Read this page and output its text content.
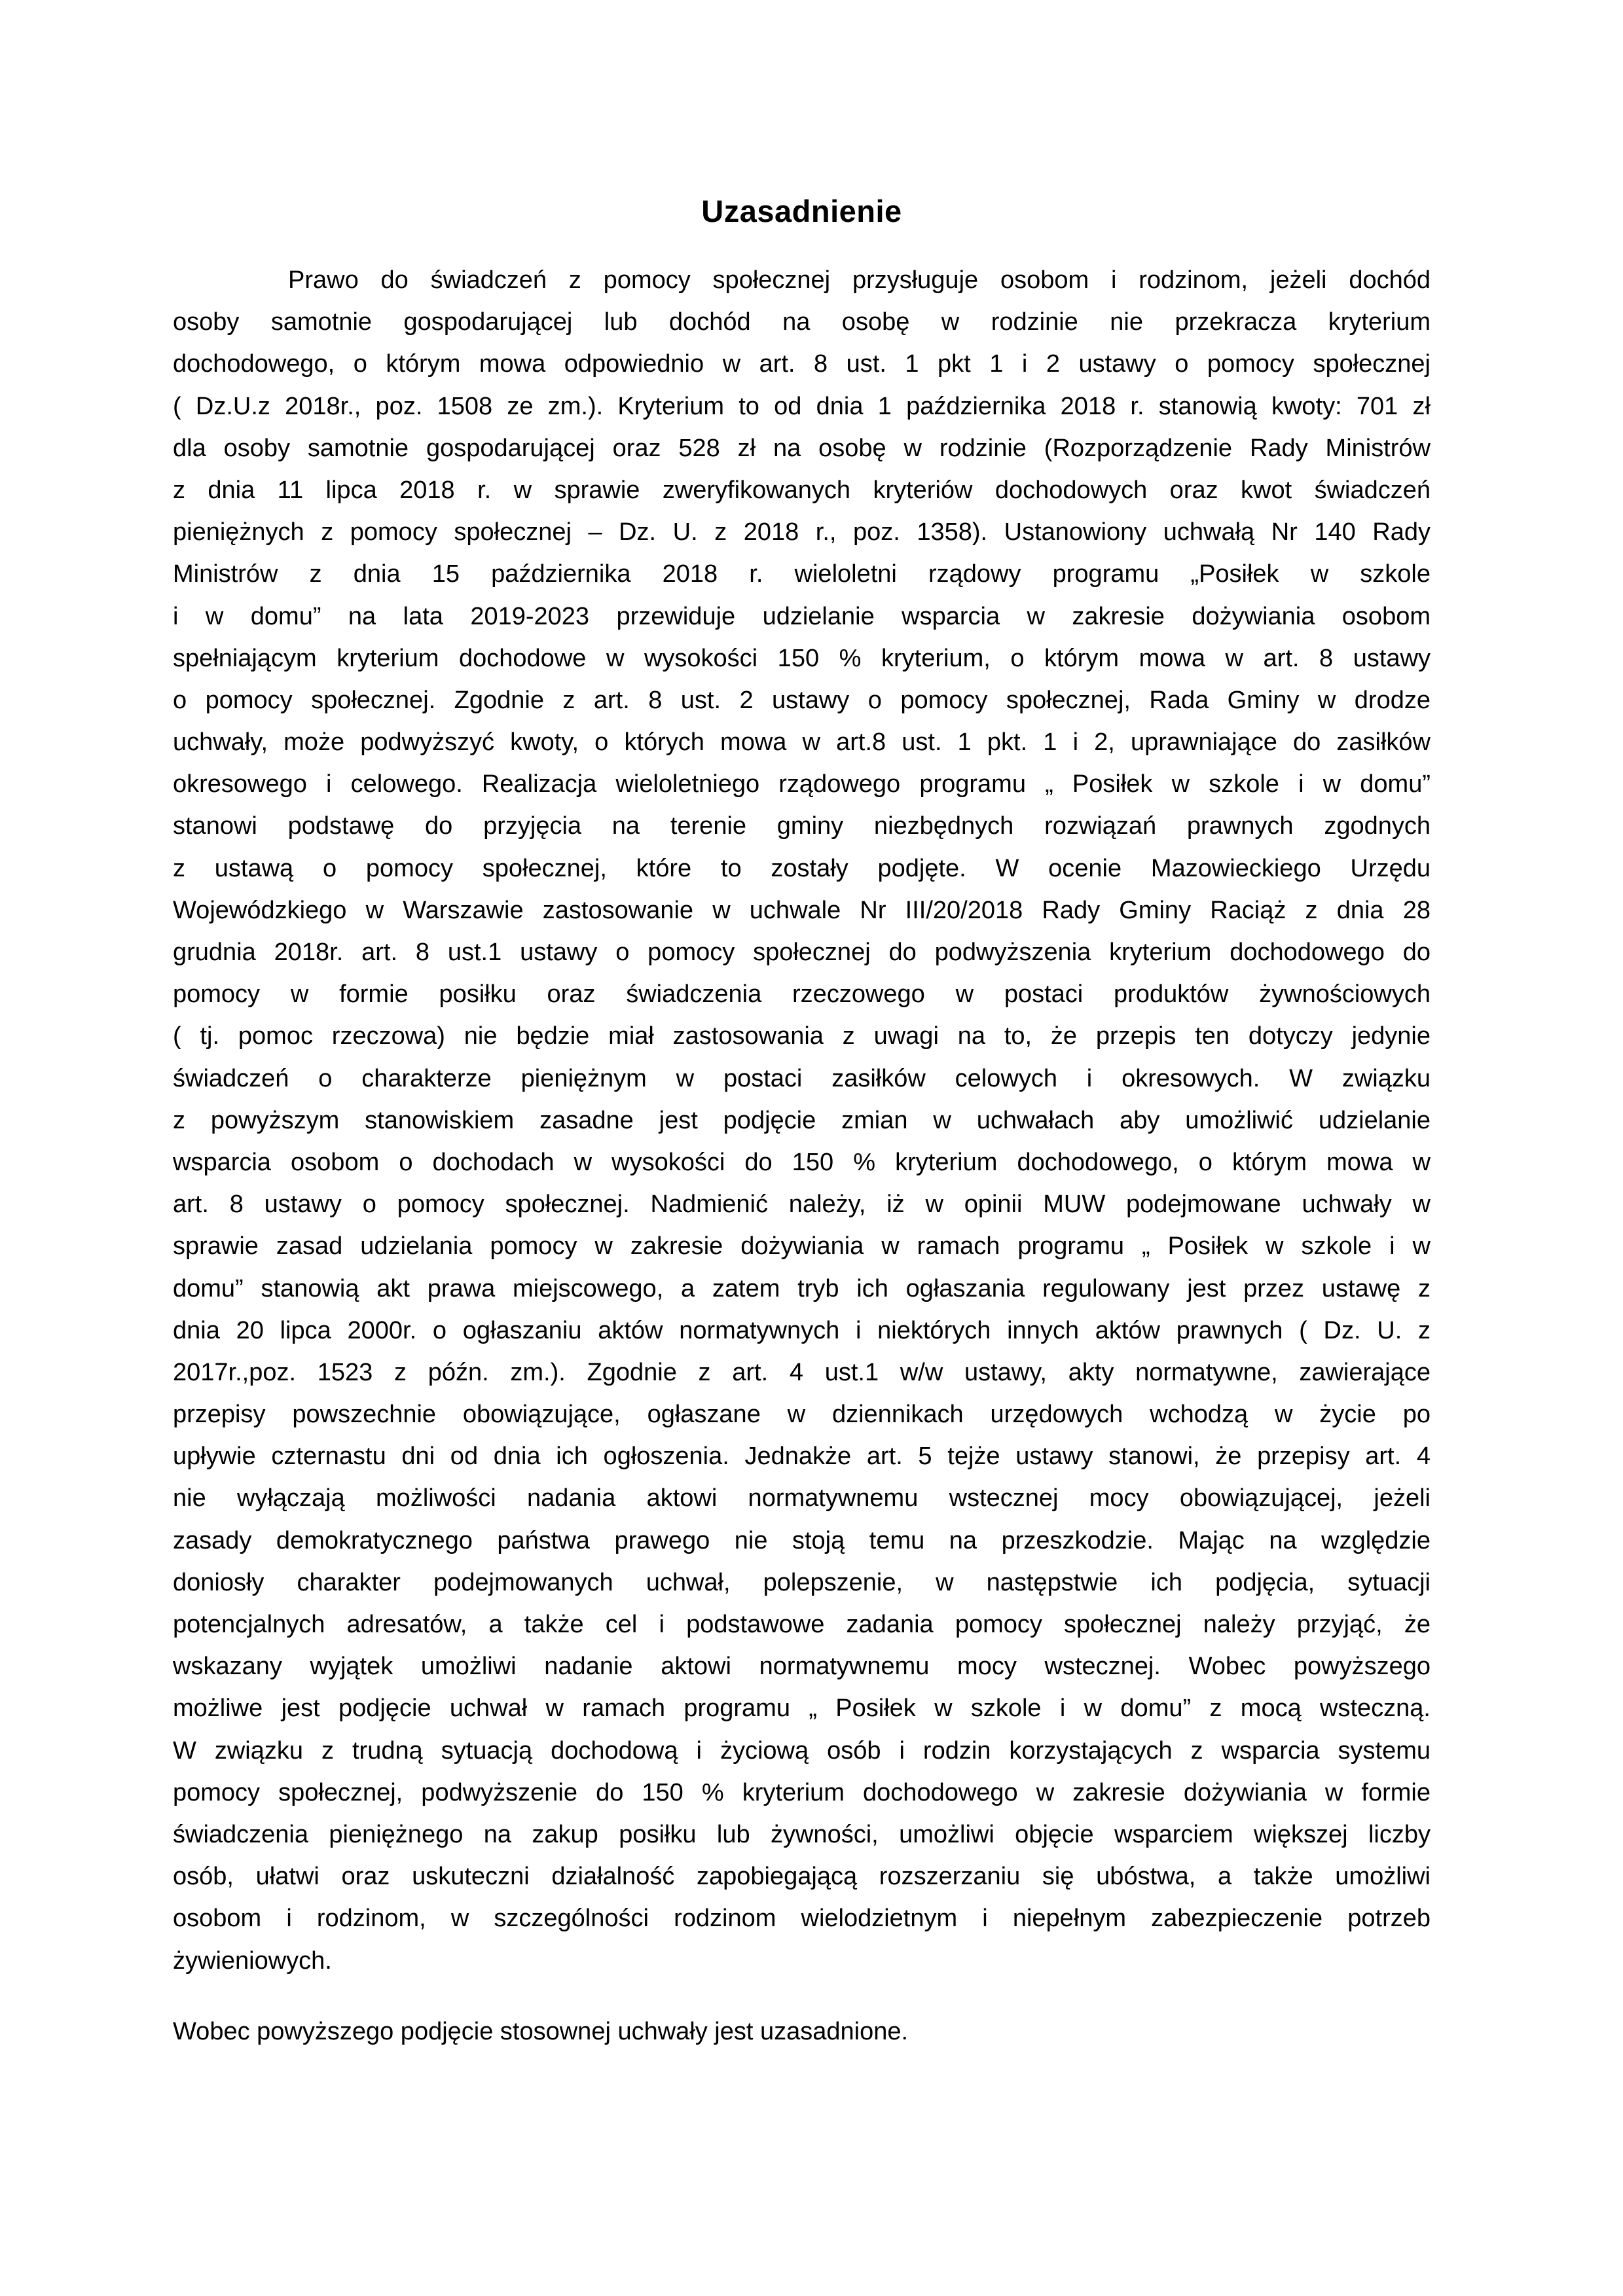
Uzasadnienie
Prawo do świadczeń z pomocy społecznej przysługuje osobom i rodzinom, jeżeli dochód
osoby samotnie gospodarującej lub dochód na osobę w rodzinie nie przekracza kryterium
dochodowego, o którym mowa odpowiednio w art. 8 ust. 1 pkt 1 i 2 ustawy o pomocy społecznej
( Dz.U.z 2018r., poz. 1508 ze zm.). Kryterium to od dnia 1 października 2018 r. stanowią kwoty: 701 zł
dla osoby samotnie gospodarującej oraz 528 zł na osobę w rodzinie (Rozporządzenie Rady Ministrów
z dnia 11 lipca 2018 r. w sprawie zweryfikowanych kryteriów dochodowych oraz kwot świadczeń
pieniężnych z pomocy społecznej – Dz. U. z 2018 r., poz. 1358). Ustanowiony uchwałą Nr 140 Rady
Ministrów z dnia 15 października 2018 r. wieloletni rządowy programu „Posiłek w szkole
i w domu” na lata 2019-2023 przewiduje udzielanie wsparcia w zakresie dożywiania osobom
spełniającym kryterium dochodowe w wysokości 150 % kryterium, o którym mowa w art. 8 ustawy
o pomocy społecznej. Zgodnie z art. 8 ust. 2 ustawy o pomocy społecznej, Rada Gminy w drodze
uchwały, może podwyższyć kwoty, o których mowa w art.8 ust. 1 pkt. 1 i 2, uprawniające do zasiłków
okresowego i celowego. Realizacja wieloletniego rządowego programu „ Posiłek w szkole i w domu”
stanowi podstawę do przyjęcia na terenie gminy niezbędnych rozwiązań prawnych zgodnych
z ustawą o pomocy społecznej, które to zostały podjęte. W ocenie Mazowieckiego Urzędu
Wojewódzkiego w Warszawie zastosowanie w uchwale Nr III/20/2018 Rady Gminy Raciąż z dnia 28
grudnia 2018r. art. 8 ust.1 ustawy o pomocy społecznej do podwyższenia kryterium dochodowego do
pomocy w formie posiłku oraz świadczenia rzeczowego w postaci produktów żywnościowych
( tj. pomoc rzeczowa) nie będzie miał zastosowania z uwagi na to, że przepis ten dotyczy jedynie
świadczeń o charakterze pieniężnym w postaci zasiłków celowych i okresowych. W związku
z powyższym stanowiskiem zasadne jest podjęcie zmian w uchwałach aby umożliwić udzielanie
wsparcia osobom o dochodach w wysokości do 150 % kryterium dochodowego, o którym mowa w
art. 8 ustawy o pomocy społecznej. Nadmienić należy, iż w opinii MUW podejmowane uchwały w
sprawie zasad udzielania pomocy w zakresie dożywiania w ramach programu „ Posiłek w szkole i w
domu” stanowią akt prawa miejscowego, a zatem tryb ich ogłaszania regulowany jest przez ustawę z
dnia 20 lipca 2000r. o ogłaszaniu aktów normatywnych i niektórych innych aktów prawnych ( Dz. U. z
2017r.,poz. 1523 z późn. zm.). Zgodnie z art. 4 ust.1 w/w ustawy, akty normatywne, zawierające
przepisy powszechnie obowiązujące, ogłaszane w dziennikach urzędowych wchodzą w życie po
upływie czternastu dni od dnia ich ogłoszenia. Jednakże art. 5 tejże ustawy stanowi, że przepisy art. 4
nie wyłączają możliwości nadania aktowi normatywnemu wstecznej mocy obowiązującej, jeżeli
zasady demokratycznego państwa prawego nie stoją temu na przeszkodzie. Mając na względzie
doniosły charakter podejmowanych uchwał, polepszenie, w następstwie ich podjęcia, sytuacji
potencjalnych adresatów, a także cel i podstawowe zadania pomocy społecznej należy przyjąć, że
wskazany wyjątek umożliwi nadanie aktowi normatywnemu mocy wstecznej. Wobec powyższego
możliwe jest podjęcie uchwał w ramach programu „ Posiłek w szkole i w domu” z mocą wsteczną.
W związku z trudną sytuacją dochodową i życiową osób i rodzin korzystających z wsparcia systemu
pomocy społecznej, podwyższenie do 150 % kryterium dochodowego w zakresie dożywiania w formie
świadczenia pieniężnego na zakup posiłku lub żywności, umożliwi objęcie wsparciem większej liczby
osób, ułatwi oraz uskuteczni działalność zapobiegającą rozszerzaniu się ubóstwa, a także umożliwi
osobom i rodzinom, w szczególności rodzinom wielodzietnym i niepełnym zabezpieczenie potrzeb
żywieniowych.
Wobec powyższego podjęcie stosownej uchwały jest uzasadnione.
